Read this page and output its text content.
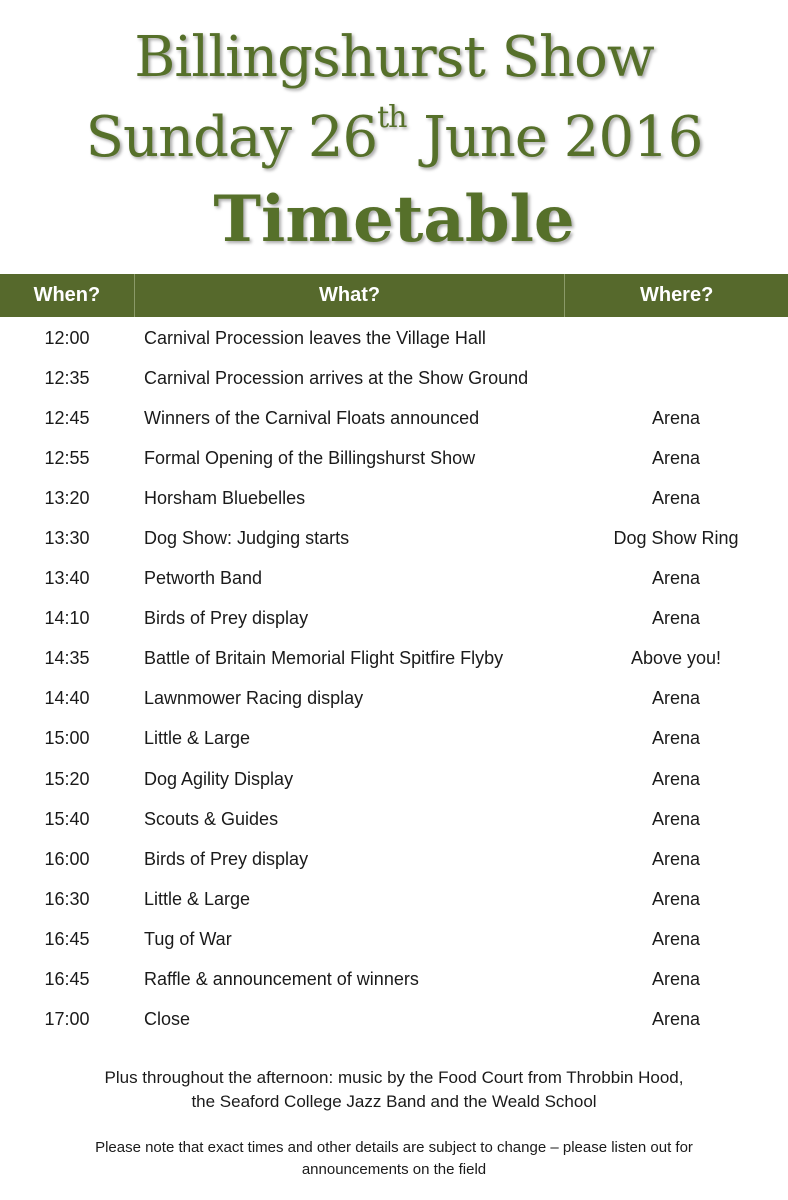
Billingshurst Show
Sunday 26th June 2016
Timetable
When?	What?	Where?
12:00	Carnival Procession leaves the Village Hall
12:35	Carnival Procession arrives at the Show Ground
12:45	Winners of the Carnival Floats announced	Arena
12:55	Formal Opening of the Billingshurst Show	Arena
13:20	Horsham Bluebelles	Arena
13:30	Dog Show: Judging starts	Dog Show Ring
13:40	Petworth Band	Arena
14:10	Birds of Prey display	Arena
14:35	Battle of Britain Memorial Flight Spitfire Flyby	Above you!
14:40	Lawnmower Racing display	Arena
15:00	Little & Large	Arena
15:20	Dog Agility Display	Arena
15:40	Scouts & Guides	Arena
16:00	Birds of Prey display	Arena
16:30	Little & Large	Arena
16:45	Tug of War	Arena
16:45	Raffle & announcement of winners	Arena
17:00	Close	Arena
Plus throughout the afternoon: music by the Food Court from Throbbin Hood,
the Seaford College Jazz Band and the Weald School
Please note that exact times and other details are subject to change – please listen out for
announcements on the field
